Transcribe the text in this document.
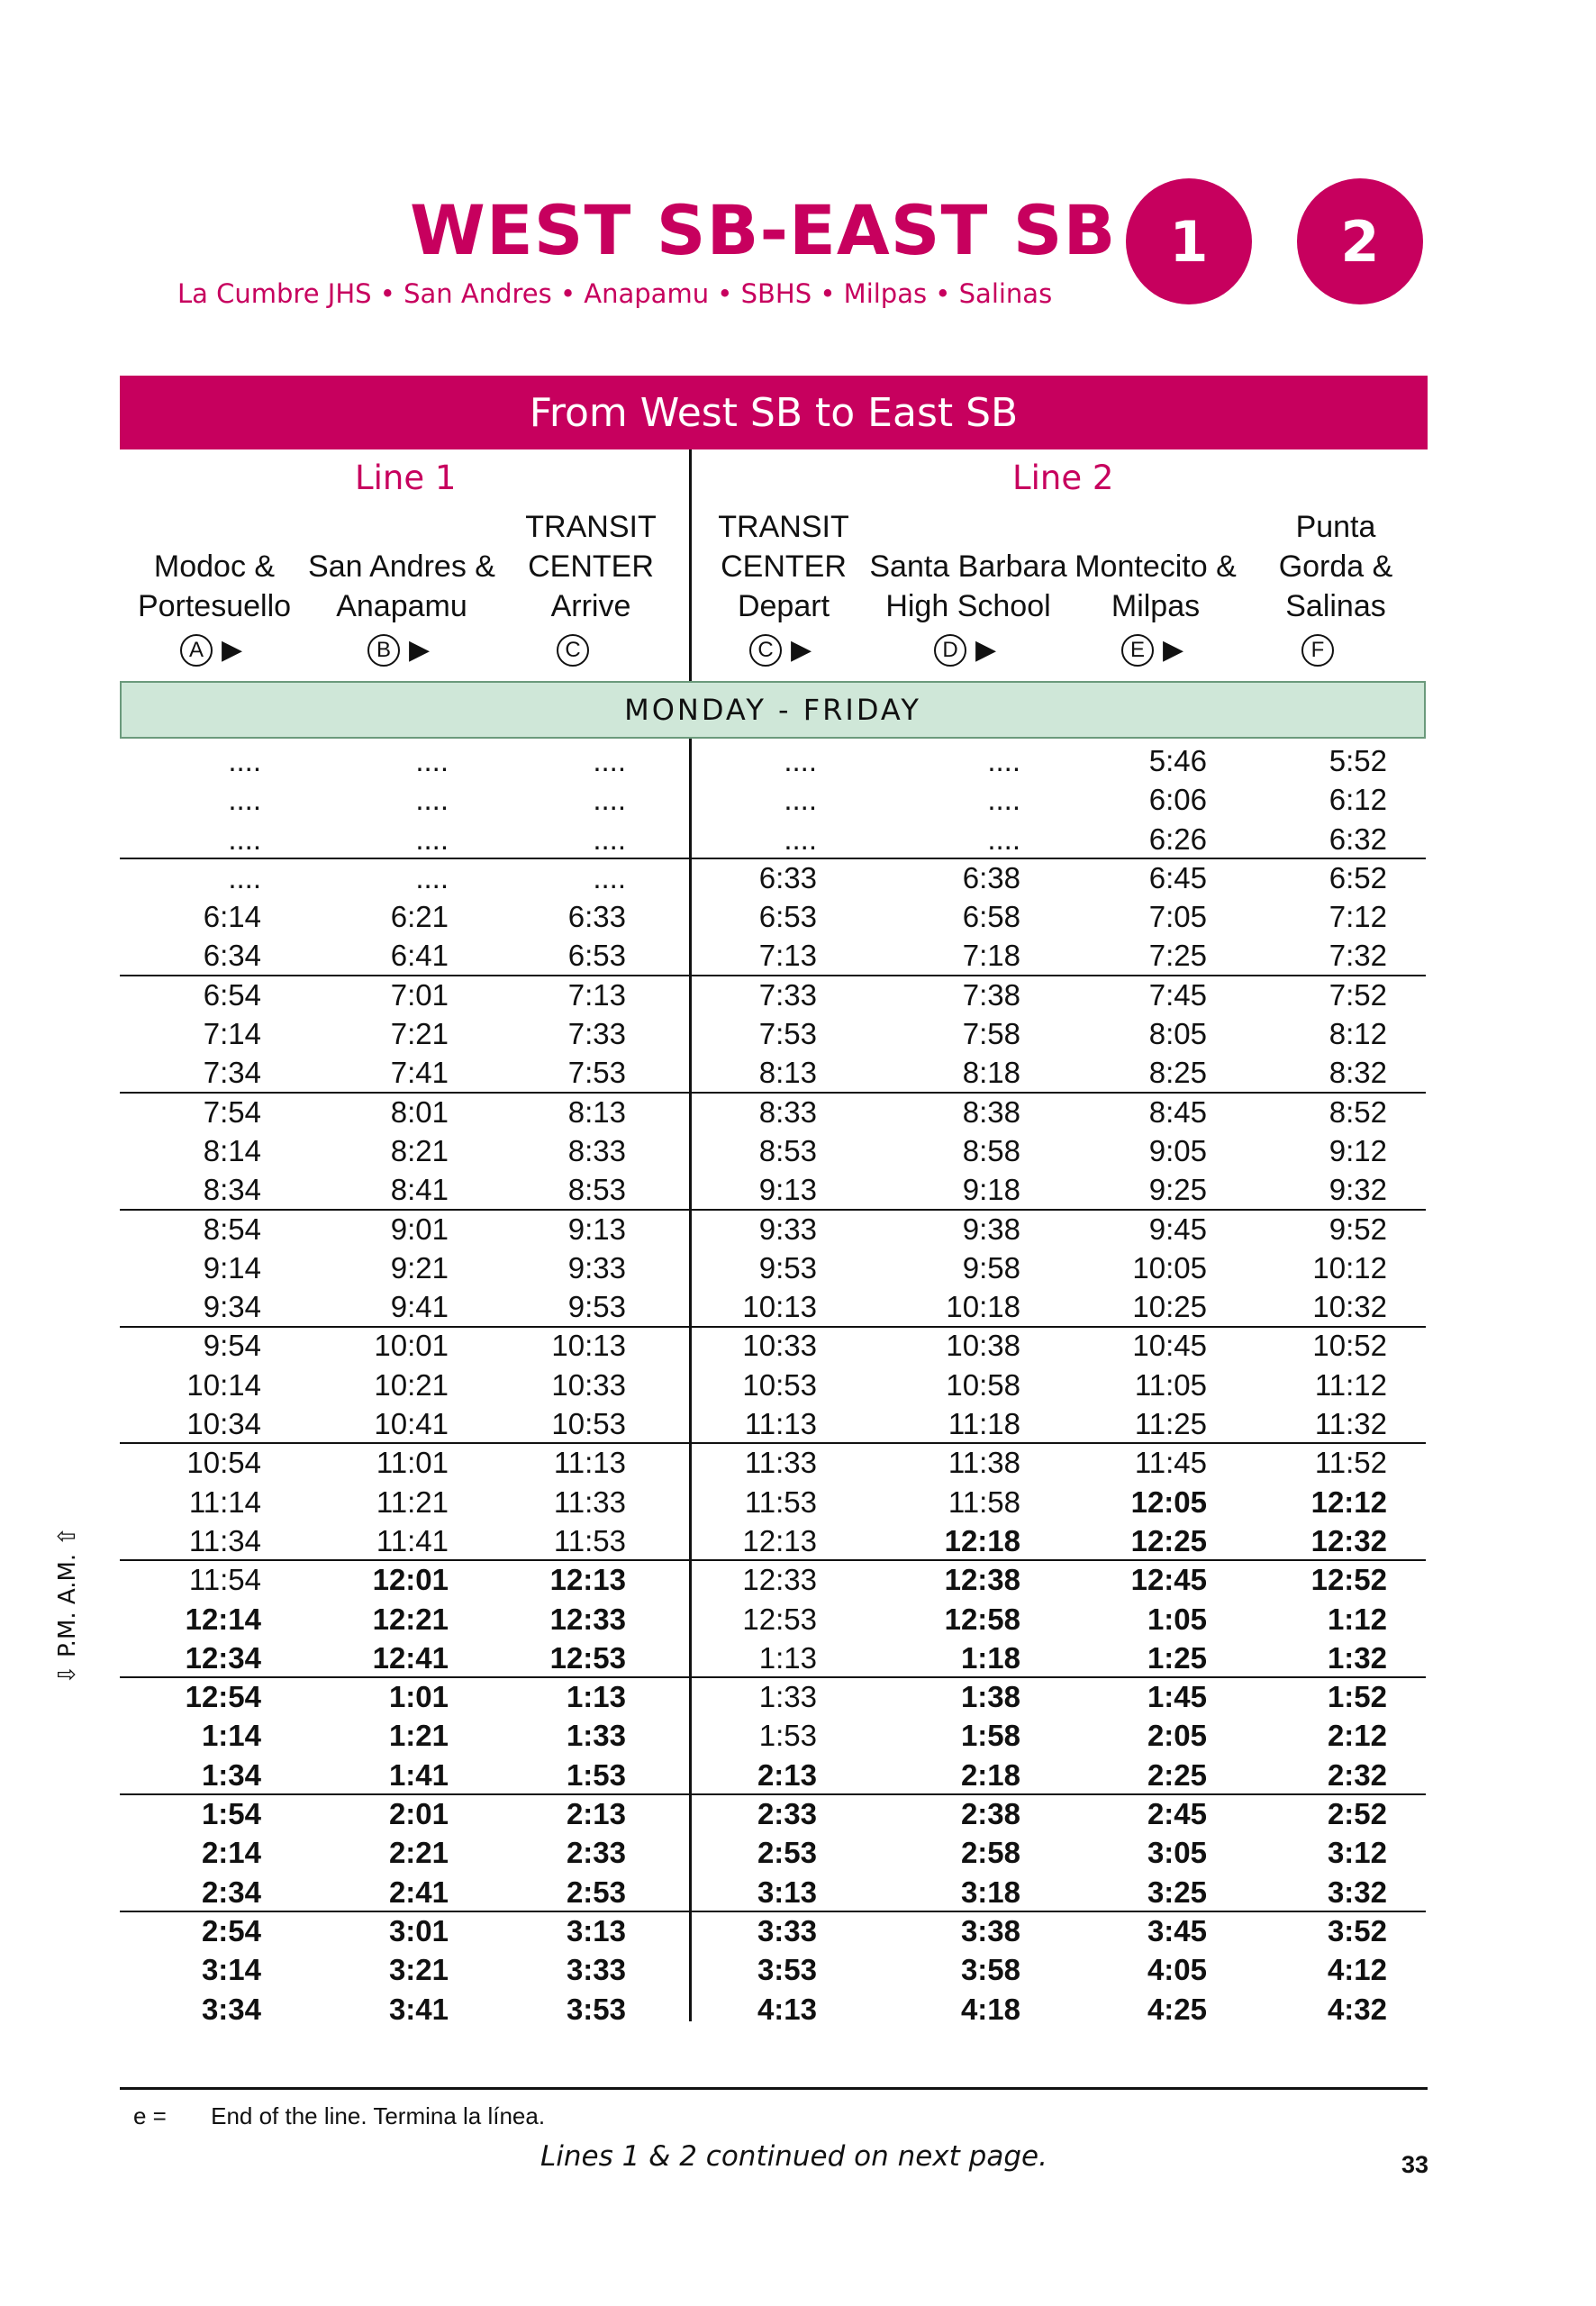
WEST SB-EAST SB
La Cumbre JHS • San Andres • Anapamu • SBHS • Milpas • Salinas
1	2
From West SB to East SB
Line 1	Line 2

Modoc &
Portesuello
A ▶

San Andres &
Anapamu
B ▶
TRANSIT
CENTER
Arrive
C
TRANSIT
CENTER
Depart
C ▶

Santa Barbara
High School
D ▶

Montecito &
Milpas
E ▶
Punta
Gorda &
Salinas
F
MONDAY - FRIDAY
....	....	....	....	....	5:46	5:52
....	....	....	....	....	6:06	6:12
....	....	....	....	....	6:26	6:32
....	....	....	6:33	6:38	6:45	6:52
6:14	6:21	6:33	6:53	6:58	7:05	7:12
6:34	6:41	6:53	7:13	7:18	7:25	7:32
6:54	7:01	7:13	7:33	7:38	7:45	7:52
7:14	7:21	7:33	7:53	7:58	8:05	8:12
7:34	7:41	7:53	8:13	8:18	8:25	8:32
7:54	8:01	8:13	8:33	8:38	8:45	8:52
8:14	8:21	8:33	8:53	8:58	9:05	9:12
8:34	8:41	8:53	9:13	9:18	9:25	9:32
8:54	9:01	9:13	9:33	9:38	9:45	9:52
9:14	9:21	9:33	9:53	9:58	10:05	10:12
9:34	9:41	9:53	10:13	10:18	10:25	10:32
9:54	10:01	10:13	10:33	10:38	10:45	10:52
10:14	10:21	10:33	10:53	10:58	11:05	11:12
10:34	10:41	10:53	11:13	11:18	11:25	11:32
10:54	11:01	11:13	11:33	11:38	11:45	11:52
11:14	11:21	11:33	11:53	11:58	12:05	12:12
11:34	11:41	11:53	12:13	12:18	12:25	12:32
11:54	12:01	12:13	12:33	12:38	12:45	12:52
12:14	12:21	12:33	12:53	12:58	1:05	1:12
12:34	12:41	12:53	1:13	1:18	1:25	1:32
12:54	1:01	1:13	1:33	1:38	1:45	1:52
1:14	1:21	1:33	1:53	1:58	2:05	2:12
1:34	1:41	1:53	2:13	2:18	2:25	2:32
1:54	2:01	2:13	2:33	2:38	2:45	2:52
2:14	2:21	2:33	2:53	2:58	3:05	3:12
2:34	2:41	2:53	3:13	3:18	3:25	3:32
2:54	3:01	3:13	3:33	3:38	3:45	3:52
3:14	3:21	3:33	3:53	3:58	4:05	4:12
3:34	3:41	3:53	4:13	4:18	4:25	4:32
⇩ P.M. A.M. ⇧
e = End of the line. Termina la línea.
Lines 1 & 2 continued on next page.	33
